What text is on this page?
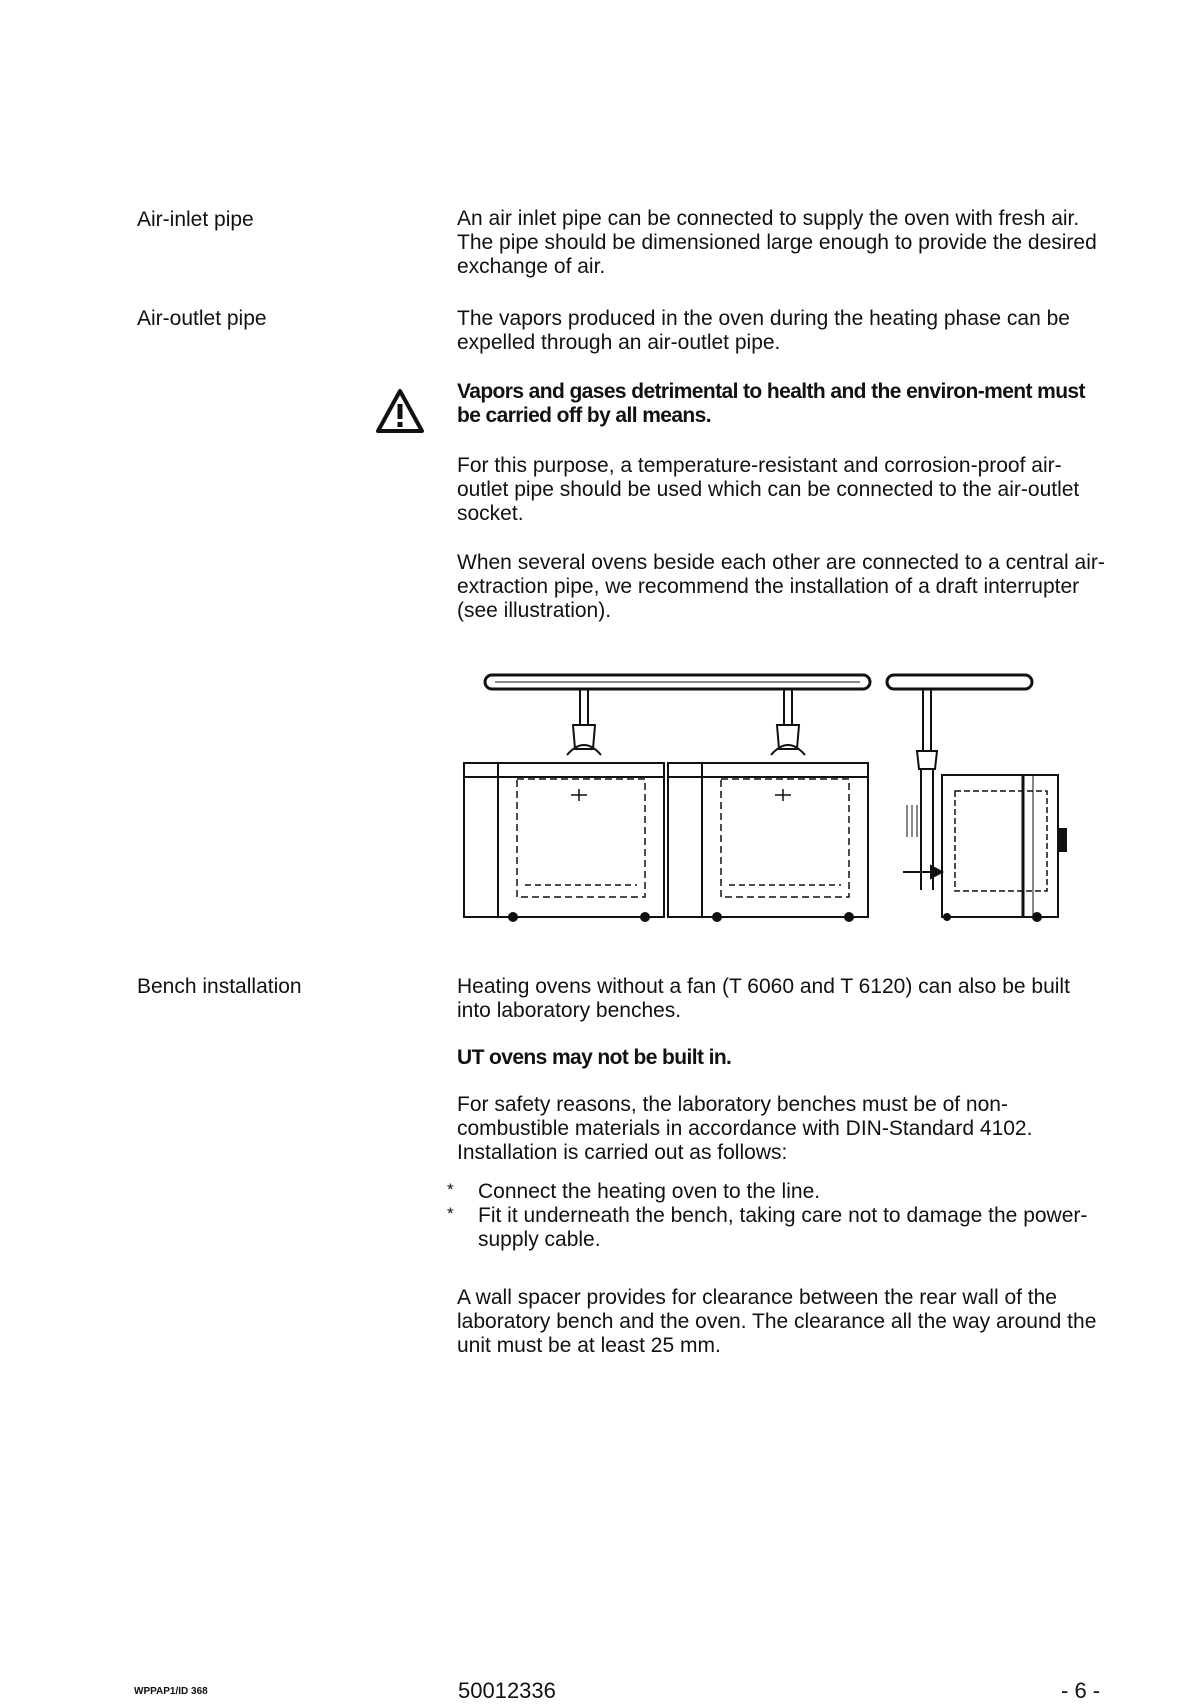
Air-inlet pipe	An air inlet pipe can be connected to supply the oven with fresh air. The pipe should be dimensioned large enough to provide the desired exchange of air.

Air-outlet pipe	The vapors produced in the oven during the heating phase can be expelled through an air-outlet pipe.

Vapors and gases detrimental to health and the environ-ment must be carried off by all means.

For this purpose, a temperature-resistant and corrosion-proof air-outlet pipe should be used which can be connected to the air-outlet socket.

When several ovens beside each other are connected to a central air-extraction pipe, we recommend the installation of a draft interrupter (see illustration).

Bench installation	Heating ovens without a fan (T 6060 and T 6120) can also be built into laboratory benches.

UT ovens may not be built in.

For safety reasons, the laboratory benches must be of non-combustible materials in accordance with DIN-Standard 4102. Installation is carried out as follows:

* Connect the heating oven to the line.
* Fit it underneath the bench, taking care not to damage the power-supply cable.

A wall spacer provides for clearance between the rear wall of the laboratory bench and the oven. The clearance all the way around the unit must be at least 25 mm.

WPPAP1/ID 368	50012336	- 6 -
